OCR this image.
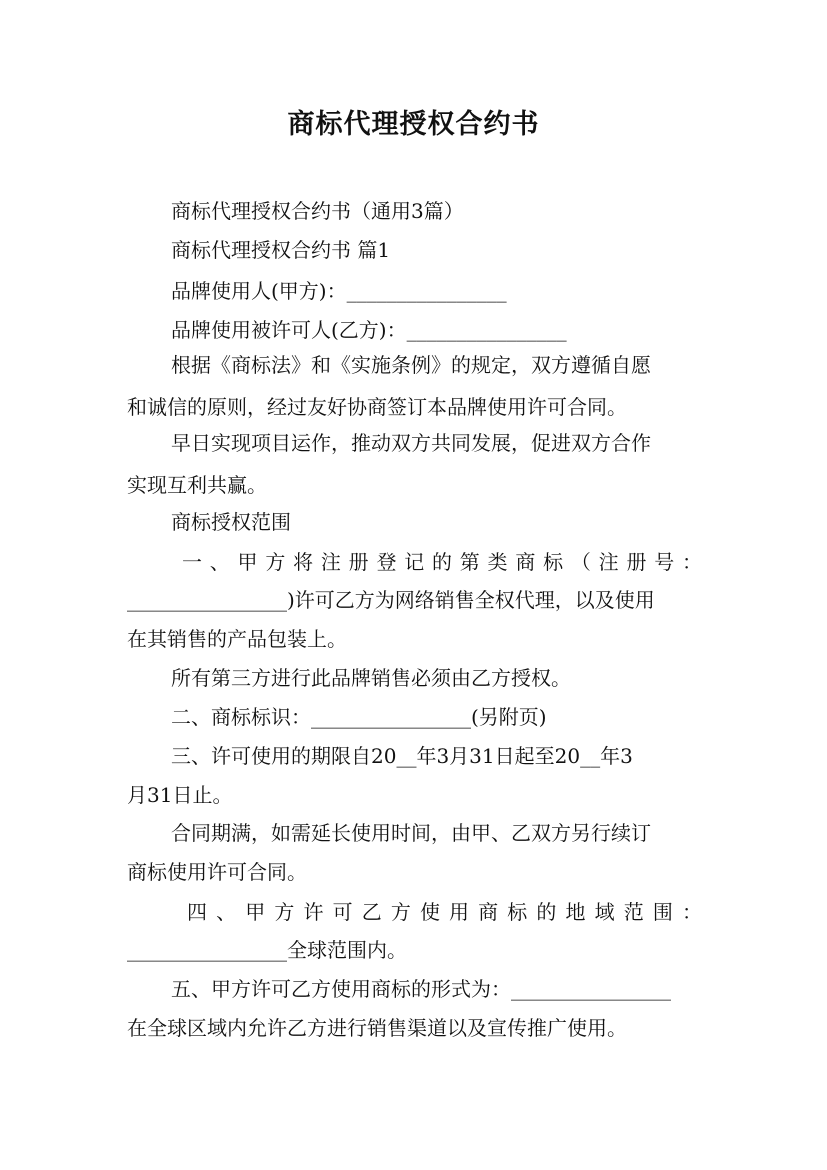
商标代理授权合约书
商标代理授权合约书（通用3篇）
商标代理授权合约书 篇1
品牌使用人(甲方)：________________
品牌使用被许可人(乙方)：________________
根据《商标法》和《实施条例》的规定，双方遵循自愿
和诚信的原则，经过友好协商签订本品牌使用许可合同。
早日实现项目运作，推动双方共同发展，促进双方合作
实现互利共赢。
商标授权范围
一、甲方将注册登记的第类商标（注册号：
________________)许可乙方为网络销售全权代理，以及使用
在其销售的产品包装上。
所有第三方进行此品牌销售必须由乙方授权。
二、商标标识：________________(另附页)
三、许可使用的期限自20__年3月31日起至20__年3
月31日止。
合同期满，如需延长使用时间，由甲、乙双方另行续订
商标使用许可合同。
四、甲方许可乙方使用商标的地域范围：
________________全球范围内。
五、甲方许可乙方使用商标的形式为：________________
在全球区域内允许乙方进行销售渠道以及宣传推广使用。
